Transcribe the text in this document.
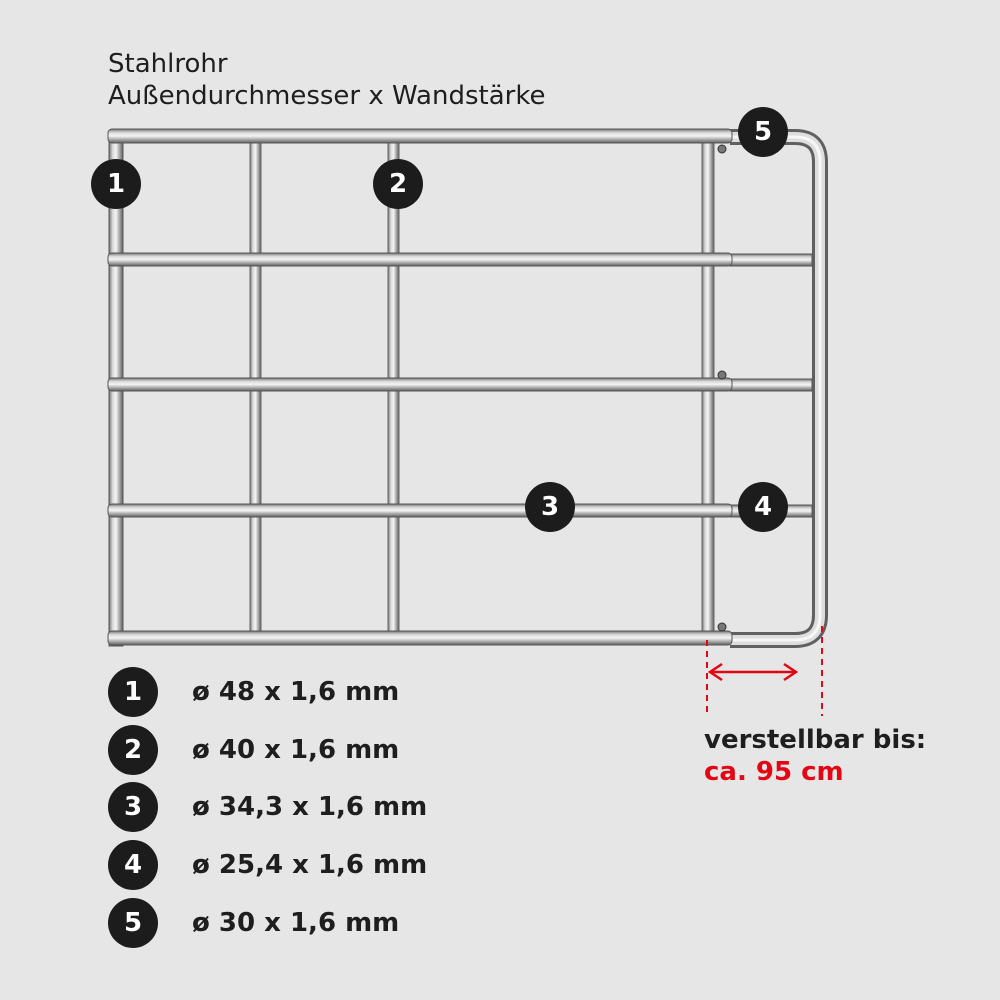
Stahlrohr
Außendurchmesser x Wandstärke
1	2
3	4
5
1	ø 48 x 1,6 mm
2	ø 40 x 1,6 mm
3	ø 34,3 x 1,6 mm
4	ø 25,4 x 1,6 mm
5	ø 30 x 1,6 mm
verstellbar bis:
ca. 95 cm
